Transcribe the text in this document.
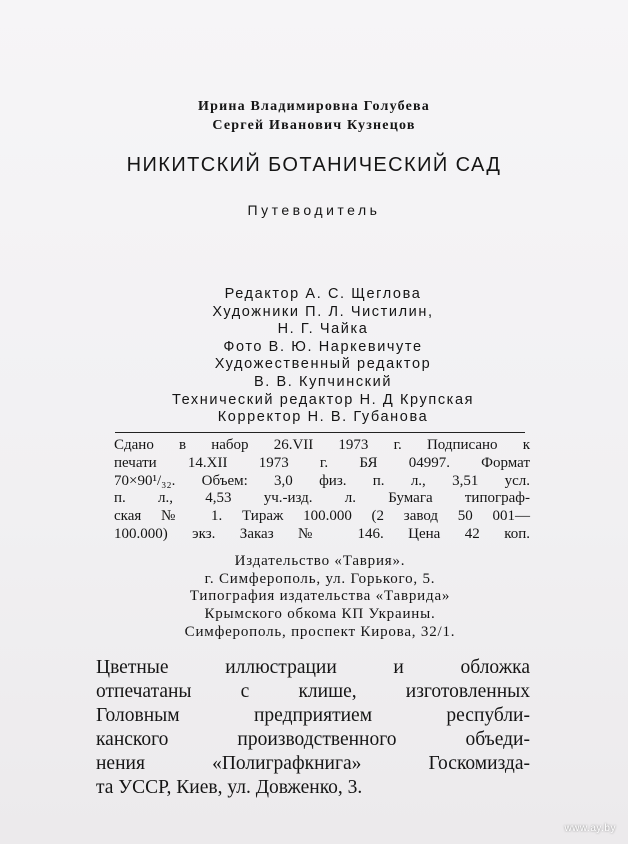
Ирина Владимировна Голубева
Сергей Иванович Кузнецов
НИКИТСКИЙ БОТАНИЧЕСКИЙ САД
Путеводитель
Редактор А. С. Щеглова
Художники П. Л. Чистилин,
Н. Г. Чайка
Фото В. Ю. Наркевичуте
Художественный редактор
В. В. Купчинский
Технический редактор Н. Д Крупская
Корректор Н. В. Губанова
Сдано в набор 26.VII 1973 г. Подписано к
печати 14.XII 1973 г. БЯ 04997. Формат
70×90¹/₃₂. Объем: 3,0 физ. п. л., 3,51 усл.
п. л., 4,53 уч.-изд. л. Бумага типограф-
ская № 1. Тираж 100.000 (2 завод 50 001—
100.000) экз. Заказ № 146. Цена 42 коп.
Издательство «Таврия».
г. Симферополь, ул. Горького, 5.
Типография издательства «Таврида»
Крымского обкома КП Украины.
Симферополь, проспект Кирова, 32/1.
Цветные иллюстрации и обложка
отпечатаны с клише, изготовленных
Головным предприятием республи-
канского производственного объеди-
нения «Полиграфкнига» Госкомизда-
та УССР, Киев, ул. Довженко, 3.
www.ay.by
